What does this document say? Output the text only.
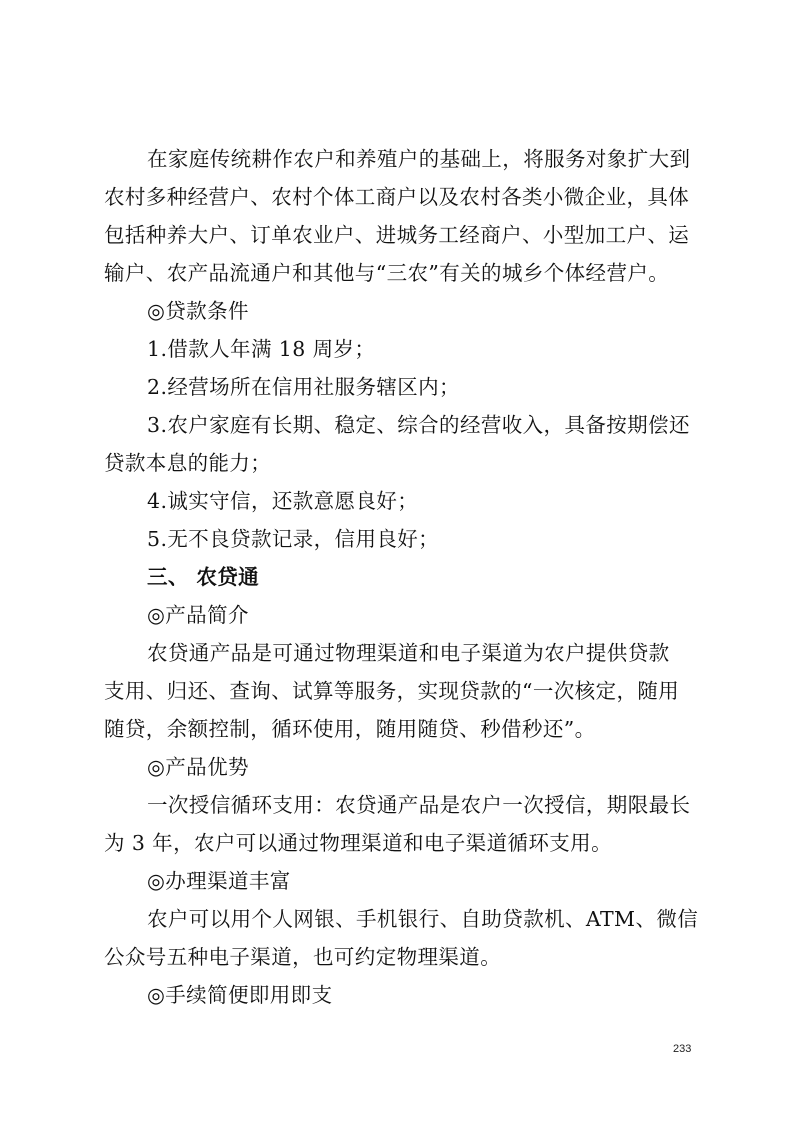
在家庭传统耕作农户和养殖户的基础上，将服务对象扩大到

农村多种经营户、农村个体工商户以及农村各类小微企业，具体

包括种养大户、订单农业户、进城务工经商户、小型加工户、运

输户、农产品流通户和其他与“三农”有关的城乡个体经营户。

◎贷款条件

1.借款人年满 18 周岁；

2.经营场所在信用社服务辖区内；

3.农户家庭有长期、稳定、综合的经营收入，具备按期偿还

贷款本息的能力；

4.诚实守信，还款意愿良好；

5.无不良贷款记录，信用良好；

三、 农贷通

◎产品简介

农贷通产品是可通过物理渠道和电子渠道为农户提供贷款

支用、归还、查询、试算等服务，实现贷款的“一次核定，随用

随贷，余额控制，循环使用，随用随贷、秒借秒还”。

◎产品优势

一次授信循环支用：农贷通产品是农户一次授信，期限最长

为 3 年，农户可以通过物理渠道和电子渠道循环支用。

◎办理渠道丰富

农户可以用个人网银、手机银行、自助贷款机、ATM、微信

公众号五种电子渠道，也可约定物理渠道。

◎手续简便即用即支

233
